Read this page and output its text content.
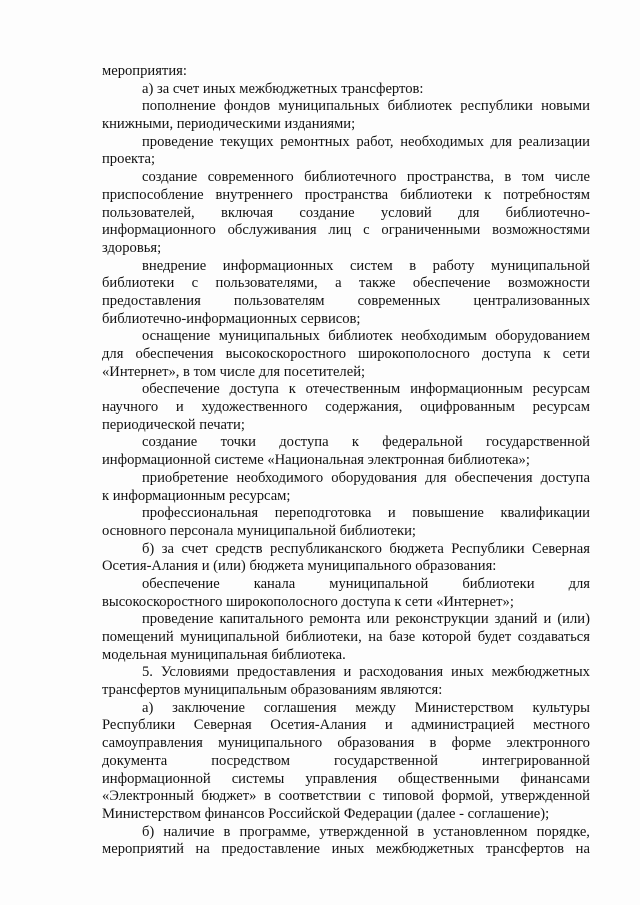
мероприятия:
а) за счет иных межбюджетных трансфертов:
пополнение фондов муниципальных библиотек республики новыми
книжными, периодическими изданиями;
проведение текущих ремонтных работ, необходимых для реализации
проекта;
создание современного библиотечного пространства, в том числе
приспособление внутреннего пространства библиотеки к потребностям
пользователей, включая создание условий для библиотечно-
информационного обслуживания лиц с ограниченными возможностями
здоровья;
внедрение информационных систем в работу муниципальной
библиотеки с пользователями, а также обеспечение возможности
предоставления пользователям современных централизованных
библиотечно-информационных сервисов;
оснащение муниципальных библиотек необходимым оборудованием
для обеспечения высокоскоростного широкополосного доступа к сети
«Интернет», в том числе для посетителей;
обеспечение доступа к отечественным информационным ресурсам
научного и художественного содержания, оцифрованным ресурсам
периодической печати;
создание точки доступа к федеральной государственной
информационной системе «Национальная электронная библиотека»;
приобретение необходимого оборудования для обеспечения доступа
к информационным ресурсам;
профессиональная переподготовка и повышение квалификации
основного персонала муниципальной библиотеки;
б) за счет средств республиканского бюджета Республики Северная
Осетия-Алания и (или) бюджета муниципального образования:
обеспечение канала муниципальной библиотеки для
высокоскоростного широкополосного доступа к сети «Интернет»;
проведение капитального ремонта или реконструкции зданий и (или)
помещений муниципальной библиотеки, на базе которой будет создаваться
модельная муниципальная библиотека.
5. Условиями предоставления и расходования иных межбюджетных
трансфертов муниципальным образованиям являются:
а) заключение соглашения между Министерством культуры
Республики Северная Осетия-Алания и администрацией местного
самоуправления муниципального образования в форме электронного
документа	посредством	государственной	интегрированной
информационной системы управления общественными финансами
«Электронный бюджет» в соответствии с типовой формой, утвержденной
Министерством финансов Российской Федерации (далее - соглашение);
б) наличие в программе, утвержденной в установленном порядке,
мероприятий на предоставление иных межбюджетных трансфертов на
